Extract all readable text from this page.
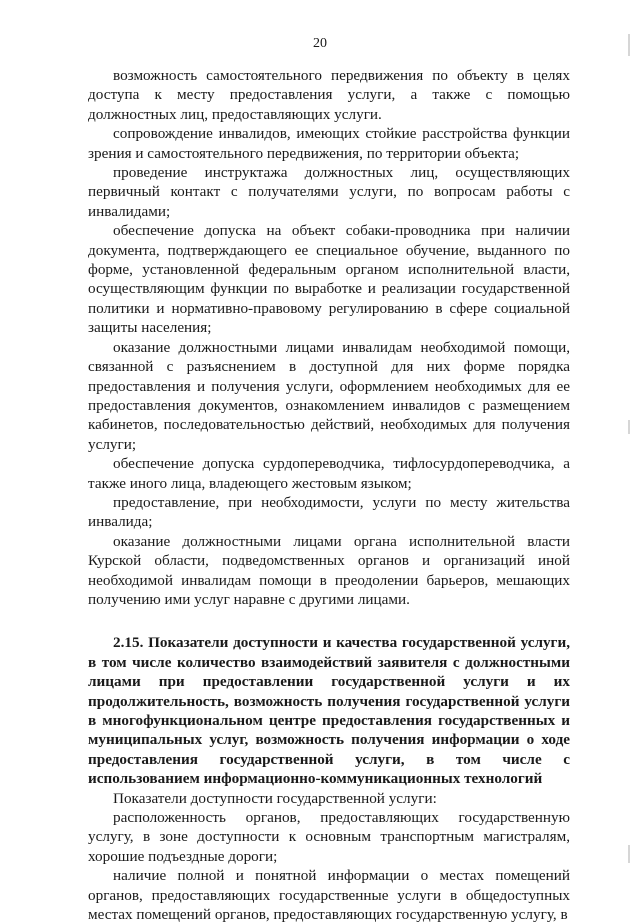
20

возможность самостоятельного передвижения по объекту в целях доступа к месту предоставления услуги, а также с помощью должностных лиц, предоставляющих услуги.

сопровождение инвалидов, имеющих стойкие расстройства функции зрения и самостоятельного передвижения, по территории объекта;

проведение инструктажа должностных лиц, осуществляющих первичный контакт с получателями услуги, по вопросам работы с инвалидами;

обеспечение допуска на объект собаки-проводника при наличии документа, подтверждающего ее специальное обучение, выданного по форме, установленной федеральным органом исполнительной власти, осуществляющим функции по выработке и реализации государственной политики и нормативно-правовому регулированию в сфере социальной защиты населения;

оказание должностными лицами инвалидам необходимой помощи, связанной с разъяснением в доступной для них форме порядка предоставления и получения услуги, оформлением необходимых для ее предоставления документов, ознакомлением инвалидов с размещением кабинетов, последовательностью действий, необходимых для получения услуги;

обеспечение допуска сурдопереводчика, тифлосурдопереводчика, а также иного лица, владеющего жестовым языком;

предоставление, при необходимости, услуги по месту жительства инвалида;

оказание должностными лицами органа исполнительной власти Курской области, подведомственных органов и организаций иной необходимой инвалидам помощи в преодолении барьеров, мешающих получению ими услуг наравне с другими лицами.

2.15. Показатели доступности и качества государственной услуги, в том числе количество взаимодействий заявителя с должностными лицами при предоставлении государственной услуги и их продолжительность, возможность получения государственной услуги в многофункциональном центре предоставления государственных и муниципальных услуг, возможность получения информации о ходе предоставления государственной услуги, в том числе с использованием информационно-коммуникационных технологий

Показатели доступности государственной услуги:

расположенность органов, предоставляющих государственную услугу, в зоне доступности к основным транспортным магистралям, хорошие подъездные дороги;

наличие полной и понятной информации о местах помещений органов, предоставляющих государственные услуги в общедоступных местах помещений органов, предоставляющих государственную услугу, в
